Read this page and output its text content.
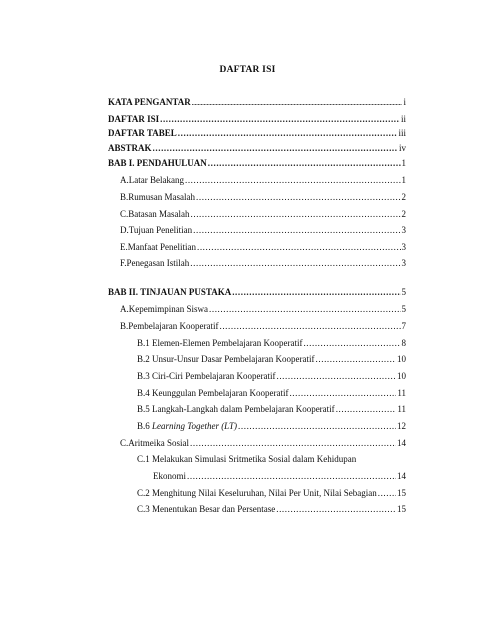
DAFTAR ISI
KATA PENGANTAR .....	i
DAFTAR ISI .....	ii
DAFTAR TABEL .....	iii
ABSTRAK .....	iv
BAB I. PENDAHULUAN .....	1
A. Latar Belakang .....	1
B. Rumusan Masalah .....	2
C. Batasan Masalah .....	2
D. Tujuan Penelitian .....	3
E. Manfaat Penelitian .....	3
F. Penegasan Istilah .....	3
BAB II. TINJAUAN PUSTAKA .....	5
A. Kepemimpinan Siswa .....	5
B. Pembelajaran Kooperatif .....	7
B.1 Elemen-Elemen Pembelajaran Kooperatif .....	8
B.2 Unsur-Unsur Dasar Pembelajaran Kooperatif .....	10
B.3 Ciri-Ciri Pembelajaran Kooperatif .....	10
B.4 Keunggulan Pembelajaran Kooperatif .....	11
B.5 Langkah-Langkah dalam Pembelajaran Kooperatif .....	11
B.6 Learning Together (LT) .....	12
C. Aritmeika Sosial .....	14
C.1 Melakukan Simulasi Sritmetika Sosial dalam Kehidupan
Ekonomi .....	14
C.2 Menghitung Nilai Keseluruhan, Nilai Per Unit, Nilai Sebagian ..... 15
C.3 Menentukan Besar dan Persentase .....	15
